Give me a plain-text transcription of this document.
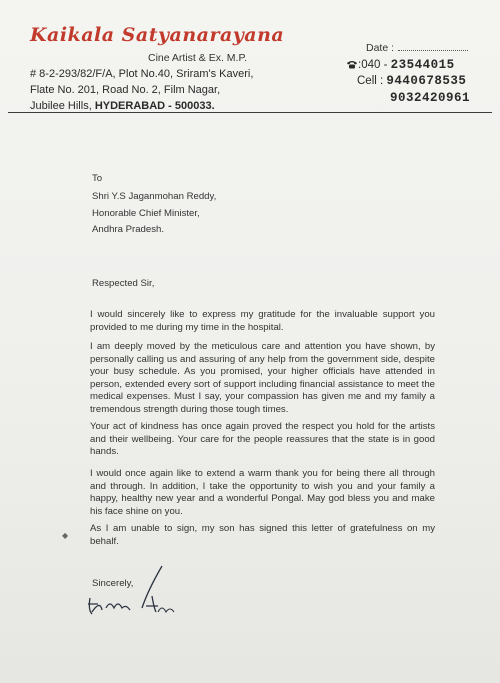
Kaikala Satyanarayana
Cine Artist & Ex. M.P.
# 8-2-293/82/F/A, Plot No.40, Sriram's Kaveri,
Flate No. 201, Road No. 2, Film Nagar,
Jubilee Hills, HYDERABAD - 500033.
Date :
:040 - 23544015
Cell : 9440678535
9032420961
To
Shri Y.S Jaganmohan Reddy,
Honorable Chief Minister,
Andhra Pradesh.
Respected Sir,
I would sincerely like to express my gratitude for the invaluable support you provided to me during my time in the hospital.
I am deeply moved by the meticulous care and attention you have shown, by personally calling us and assuring of any help from the government side, despite your busy schedule. As you promised, your higher officials have attended in person, extended every sort of support including financial assistance to meet the medical expenses. Must I say, your compassion has given me and my family a tremendous strength during those tough times.
Your act of kindness has once again proved the respect you hold for the artists and their wellbeing. Your care for the people reassures that the state is in good hands.
I would once again like to extend a warm thank you for being there all through and through. In addition, I take the opportunity to wish you and your family a happy, healthy new year and a wonderful Pongal. May god bless you and make his face shine on you.
◆
As I am unable to sign, my son has signed this letter of gratefulness on my behalf.
Sincerely,
